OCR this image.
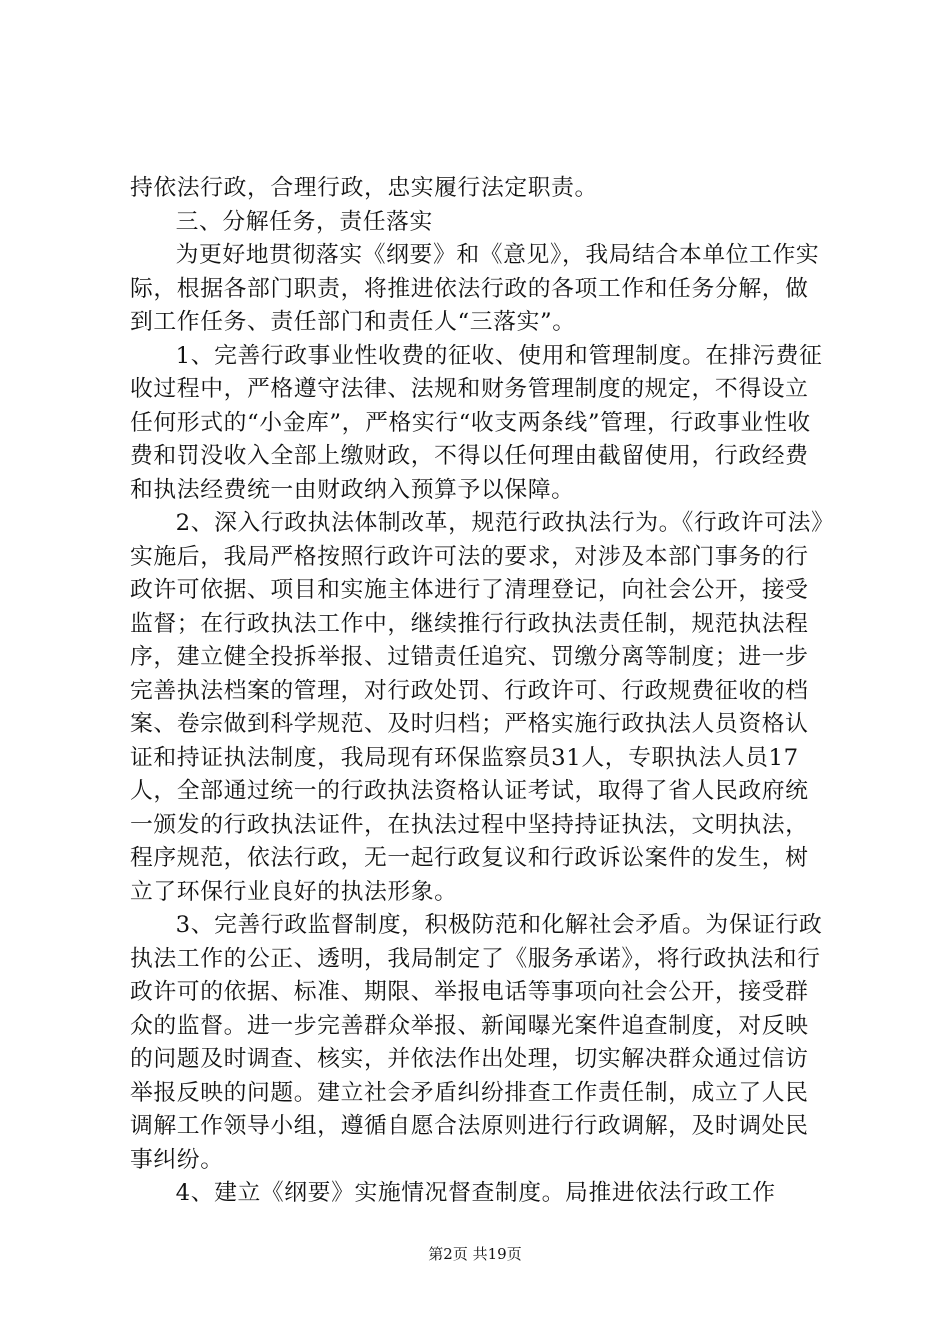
持依法行政，合理行政，忠实履行法定职责。

三、分解任务，责任落实

为更好地贯彻落实《纲要》和《意见》，我局结合本单位工作实际，根据各部门职责，将推进依法行政的各项工作和任务分解，做到工作任务、责任部门和责任人“三落实”。

1、完善行政事业性收费的征收、使用和管理制度。在排污费征收过程中，严格遵守法律、法规和财务管理制度的规定，不得设立任何形式的“小金库”，严格实行“收支两条线”管理，行政事业性收费和罚没收入全部上缴财政，不得以任何理由截留使用，行政经费和执法经费统一由财政纳入预算予以保障。

2、深入行政执法体制改革，规范行政执法行为。《行政许可法》实施后，我局严格按照行政许可法的要求，对涉及本部门事务的行政许可依据、项目和实施主体进行了清理登记，向社会公开，接受监督；在行政执法工作中，继续推行行政执法责任制，规范执法程序，建立健全投拆举报、过错责任追究、罚缴分离等制度；进一步完善执法档案的管理，对行政处罚、行政许可、行政规费征收的档案、卷宗做到科学规范、及时归档；严格实施行政执法人员资格认证和持证执法制度，我局现有环保监察员31人，专职执法人员17人，全部通过统一的行政执法资格认证考试，取得了省人民政府统一颁发的行政执法证件，在执法过程中坚持持证执法，文明执法，程序规范，依法行政，无一起行政复议和行政诉讼案件的发生，树立了环保行业良好的执法形象。

3、完善行政监督制度，积极防范和化解社会矛盾。为保证行政执法工作的公正、透明，我局制定了《服务承诺》，将行政执法和行政许可的依据、标准、期限、举报电话等事项向社会公开，接受群众的监督。进一步完善群众举报、新闻曝光案件追查制度，对反映的问题及时调查、核实，并依法作出处理，切实解决群众通过信访举报反映的问题。建立社会矛盾纠纷排查工作责任制，成立了人民调解工作领导小组，遵循自愿合法原则进行行政调解，及时调处民事纠纷。

4、建立《纲要》实施情况督查制度。局推进依法行政工作

第2页 共19页
